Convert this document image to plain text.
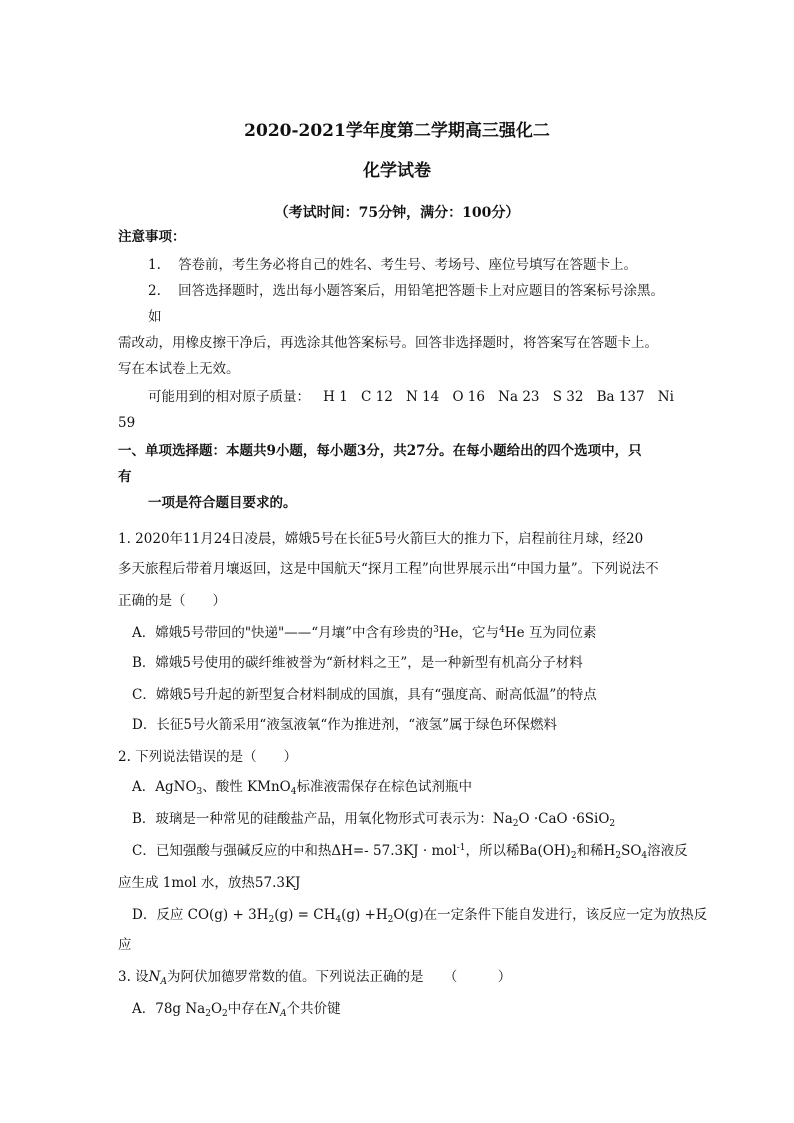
2020-2021学年度第二学期高三强化二
化学试卷
（考试时间：75分钟，满分：100分）
注意事项：
1. 答卷前，考生务必将自己的姓名、考生号、考场号、座位号填写在答题卡上。
2. 回答选择题时，选出每小题答案后，用铅笔把答题卡上对应题目的答案标号涂黑。
如
需改动，用橡皮擦干净后，再选涂其他答案标号。回答非选择题时，将答案写在答题卡上。
写在本试卷上无效。
可能用到的相对原子质量： H 1 C 12 N 14 O 16 Na 23 S 32 Ba 137 Ni
59
一、单项选择题：本题共9小题，每小题3分，共27分。在每小题给出的四个选项中，只
有
一项是符合题目要求的。
1. 2020年11月24日凌晨，嫦娥5号在长征5号火箭巨大的推力下，启程前往月球，经20
多天旅程后带着月壤返回，这是中国航天“探月工程”向世界展示出“中国力量”。下列说法不
正确的是（　　）
A．嫦娥5号带回的"快递"——“月壤”中含有珍贵的$^3$He，它与$^4$He 互为同位素
B．嫦娥5号使用的碳纤维被誉为“新材料之王”，是一种新型有机高分子材料
C．嫦娥5号升起的新型复合材料制成的国旗，具有“强度高、耐高低温”的特点
D．长征5号火箭采用“液氢液氧“作为推进剂，“液氢”属于绿色环保燃料
2. 下列说法错误的是（　　）
A．AgNO$_3$、酸性 KMnO$_4$标准液需保存在棕色试剂瓶中
B．玻璃是一种常见的硅酸盐产品，用氧化物形式可表示为：$Na_2O \cdot CaO \cdot 6SiO_2$
C．已知强酸与强碱反应的中和热ΔH=- 57.3KJ · mol$^{-1}$，所以稀$Ba(OH)_2$和稀$H_2SO_4$溶液反
应生成 1mol 水，放热57.3KJ
D．反应 $CO(g) + 3H_2(g) = CH_4(g) +H_2O(g)$在一定条件下能自发进行，该反应一定为放热反
应
3. 设$N_A$为阿伏加德罗常数的值。下列说法正确的是　　（　　　）
A．78g $Na_2O_2$中存在$N_A$个共价键
